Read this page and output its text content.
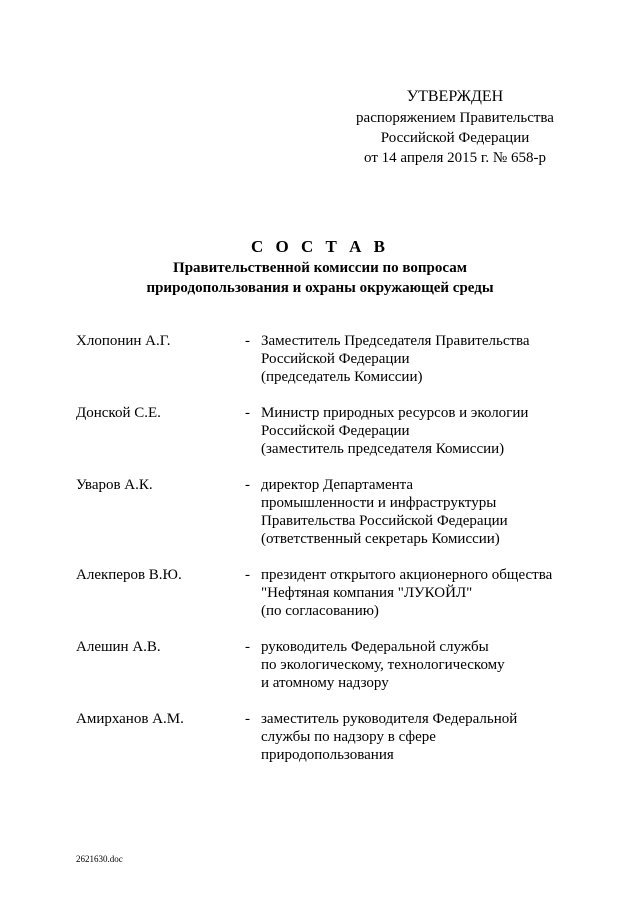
УТВЕРЖДЕН
распоряжением Правительства
Российской Федерации
от 14 апреля 2015 г. № 658-р
С О С Т А В
Правительственной комиссии по вопросам
природопользования и охраны окружающей среды
Хлопонин А.Г.	- Заместитель Председателя Правительства
Российской Федерации
(председатель Комиссии)
Донской С.Е.	- Министр природных ресурсов и экологии
Российской Федерации
(заместитель председателя Комиссии)
Уваров А.К.	- директор Департамента
промышленности и инфраструктуры
Правительства Российской Федерации
(ответственный секретарь Комиссии)
Алекперов В.Ю.	- президент открытого акционерного общества
"Нефтяная компания "ЛУКОЙЛ"
(по согласованию)
Алешин А.В.	- руководитель Федеральной службы
по экологическому, технологическому
и атомному надзору
Амирханов А.М.	- заместитель руководителя Федеральной
службы по надзору в сфере
природопользования
2621630.doc
